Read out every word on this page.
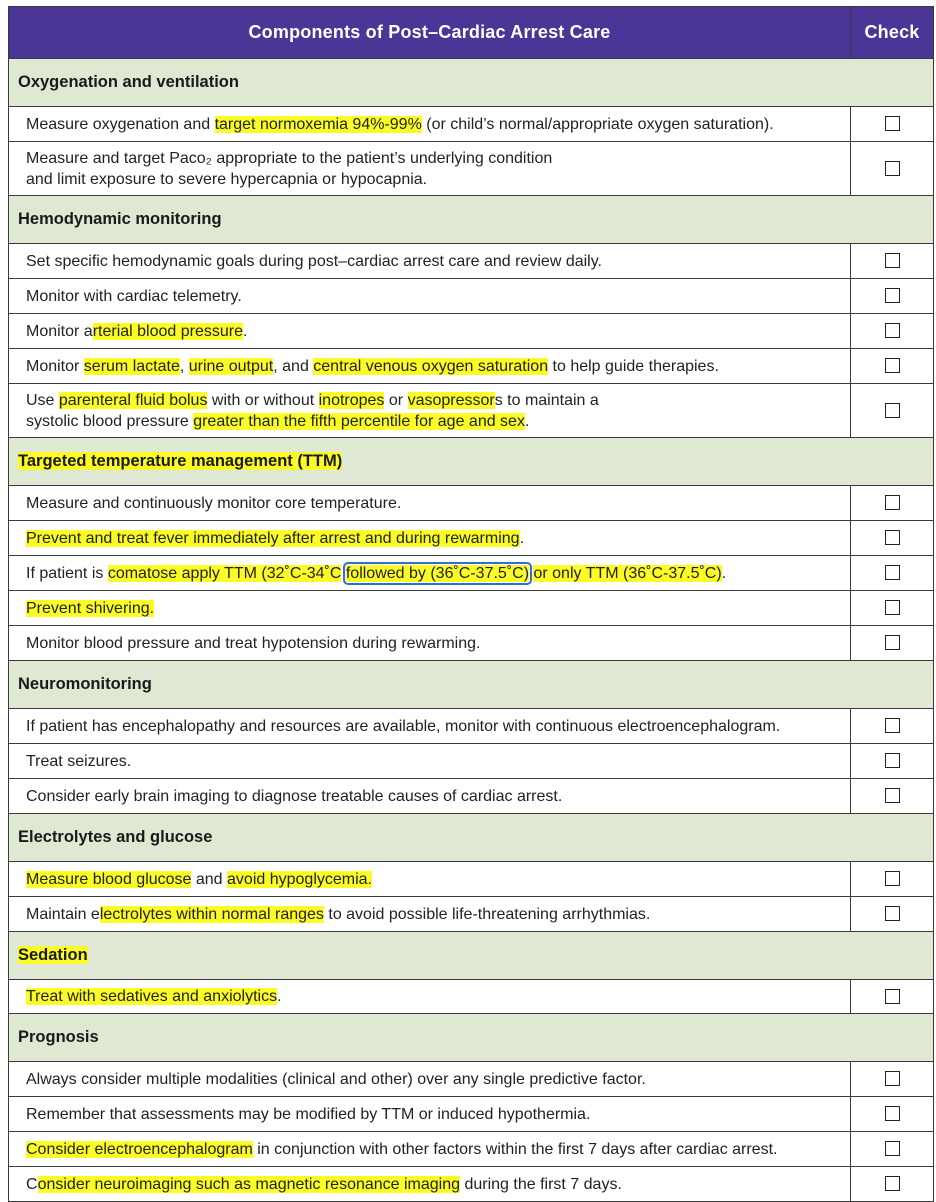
Components of Post–Cardiac Arrest Care	Check
Oxygenation and ventilation	
Measure oxygenation and target normoxemia 94%-99% (or child’s normal/appropriate oxygen saturation).	
Measure and target Paco₂ appropriate to the patient’s underlying condition
and limit exposure to severe hypercapnia or hypocapnia.	
Hemodynamic monitoring	
Set specific hemodynamic goals during post–cardiac arrest care and review daily.	
Monitor with cardiac telemetry.	
Monitor arterial blood pressure.	
Monitor serum lactate, urine output, and central venous oxygen saturation to help guide therapies.	
Use parenteral fluid bolus with or without inotropes or vasopressors to maintain a
systolic blood pressure greater than the fifth percentile for age and sex.	
Targeted temperature management (TTM)	
Measure and continuously monitor core temperature.	
Prevent and treat fever immediately after arrest and during rewarming.	
If patient is comatose apply TTM (32˚C-34˚C followed by (36˚C-37.5˚C) or only TTM (36˚C-37.5˚C).	
Prevent shivering.	
Monitor blood pressure and treat hypotension during rewarming.	
Neuromonitoring	
If patient has encephalopathy and resources are available, monitor with continuous electroencephalogram.	
Treat seizures.	
Consider early brain imaging to diagnose treatable causes of cardiac arrest.	
Electrolytes and glucose	
Measure blood glucose and avoid hypoglycemia.	
Maintain electrolytes within normal ranges to avoid possible life-threatening arrhythmias.	
Sedation	
Treat with sedatives and anxiolytics.	
Prognosis	
Always consider multiple modalities (clinical and other) over any single predictive factor.	
Remember that assessments may be modified by TTM or induced hypothermia.	
Consider electroencephalogram in conjunction with other factors within the first 7 days after cardiac arrest.	
Consider neuroimaging such as magnetic resonance imaging during the first 7 days.	
